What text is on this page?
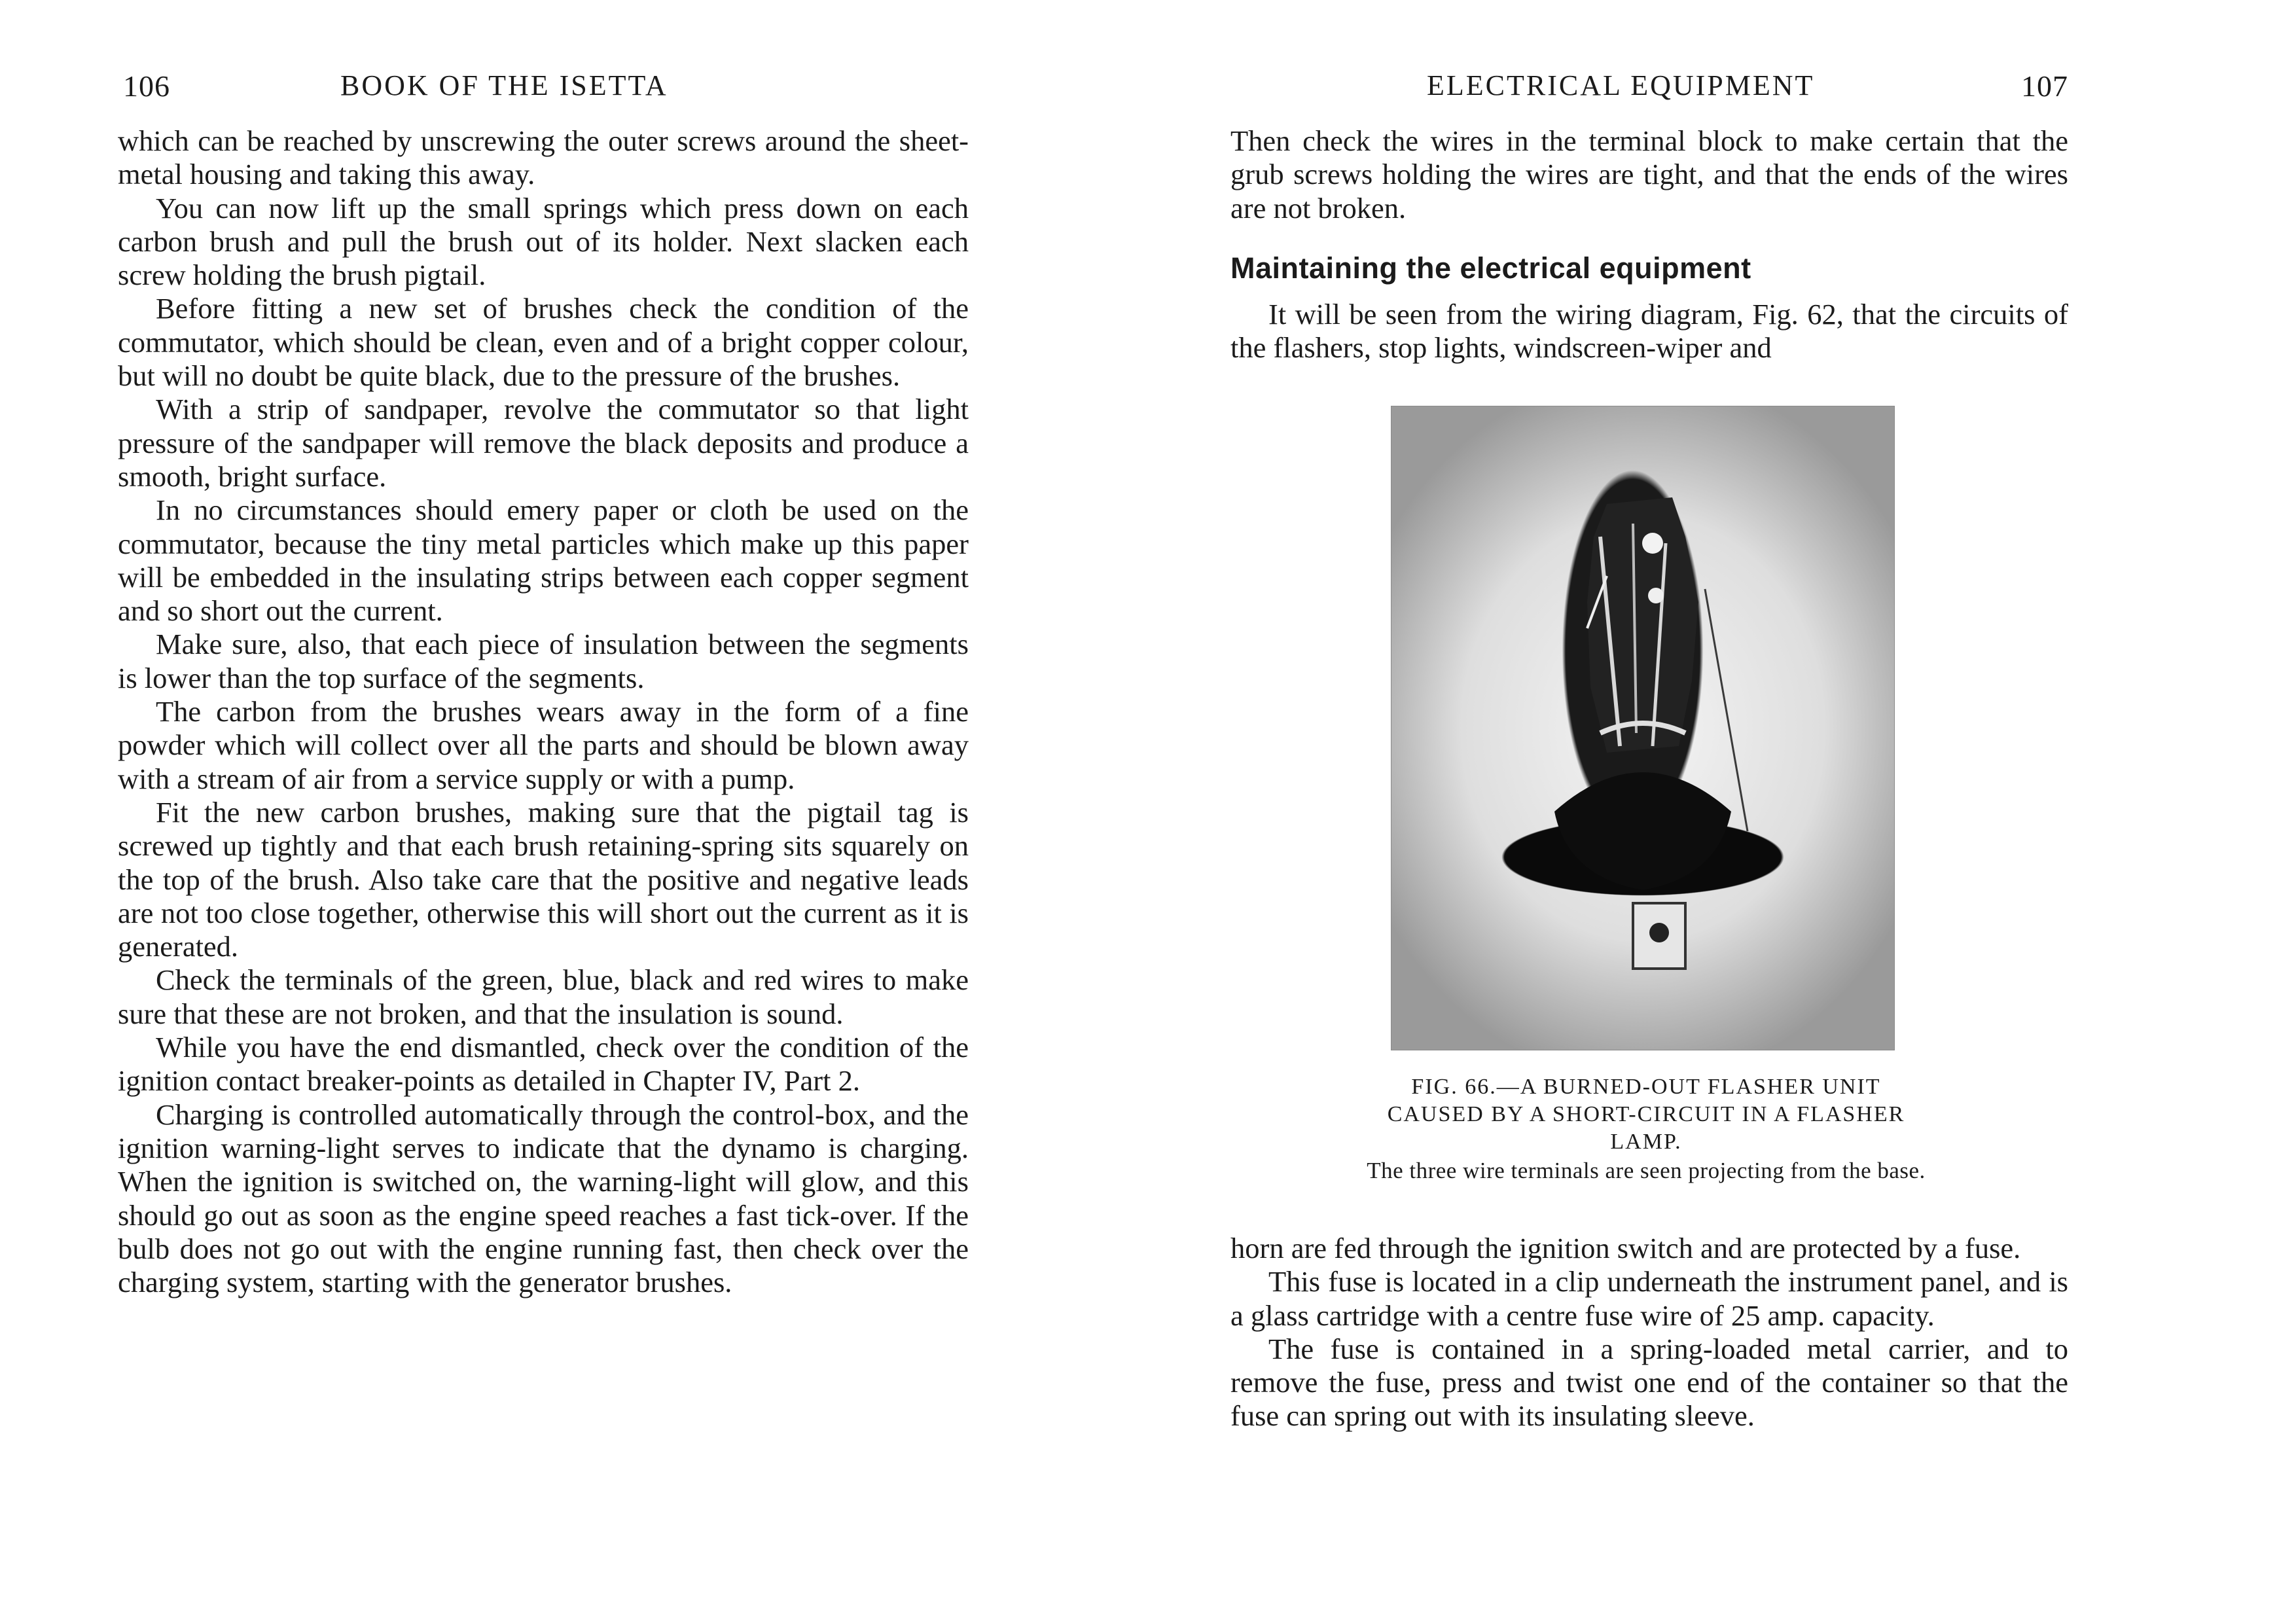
106	BOOK OF THE ISETTA

which can be reached by unscrewing the outer screws around the sheet-metal housing and taking this away.

You can now lift up the small springs which press down on each carbon brush and pull the brush out of its holder. Next slacken each screw holding the brush pigtail.

Before fitting a new set of brushes check the condition of the commutator, which should be clean, even and of a bright copper colour, but will no doubt be quite black, due to the pressure of the brushes.

With a strip of sandpaper, revolve the commutator so that light pressure of the sandpaper will remove the black deposits and produce a smooth, bright surface.

In no circumstances should emery paper or cloth be used on the commutator, because the tiny metal particles which make up this paper will be embedded in the insulating strips between each copper segment and so short out the current.

Make sure, also, that each piece of insulation between the segments is lower than the top surface of the segments.

The carbon from the brushes wears away in the form of a fine powder which will collect over all the parts and should be blown away with a stream of air from a service supply or with a pump.

Fit the new carbon brushes, making sure that the pigtail tag is screwed up tightly and that each brush retaining-spring sits squarely on the top of the brush. Also take care that the positive and negative leads are not too close together, otherwise this will short out the current as it is generated.

Check the terminals of the green, blue, black and red wires to make sure that these are not broken, and that the insulation is sound.

While you have the end dismantled, check over the condition of the ignition contact breaker-points as detailed in Chapter IV, Part 2.

Charging is controlled automatically through the control-box, and the ignition warning-light serves to indicate that the dynamo is charging. When the ignition is switched on, the warning-light will glow, and this should go out as soon as the engine speed reaches a fast tick-over. If the bulb does not go out with the engine running fast, then check over the charging system, starting with the generator brushes.

ELECTRICAL EQUIPMENT	107

Then check the wires in the terminal block to make certain that the grub screws holding the wires are tight, and that the ends of the wires are not broken.

Maintaining the electrical equipment

It will be seen from the wiring diagram, Fig. 62, that the circuits of the flashers, stop lights, windscreen-wiper and

FIG. 66.—A BURNED-OUT FLASHER UNIT
CAUSED BY A SHORT-CIRCUIT IN A FLASHER
LAMP.
The three wire terminals are seen projecting from the base.

horn are fed through the ignition switch and are protected by a fuse.

This fuse is located in a clip underneath the instrument panel, and is a glass cartridge with a centre fuse wire of 25 amp. capacity.

The fuse is contained in a spring-loaded metal carrier, and to remove the fuse, press and twist one end of the container so that the fuse can spring out with its insulating sleeve.
